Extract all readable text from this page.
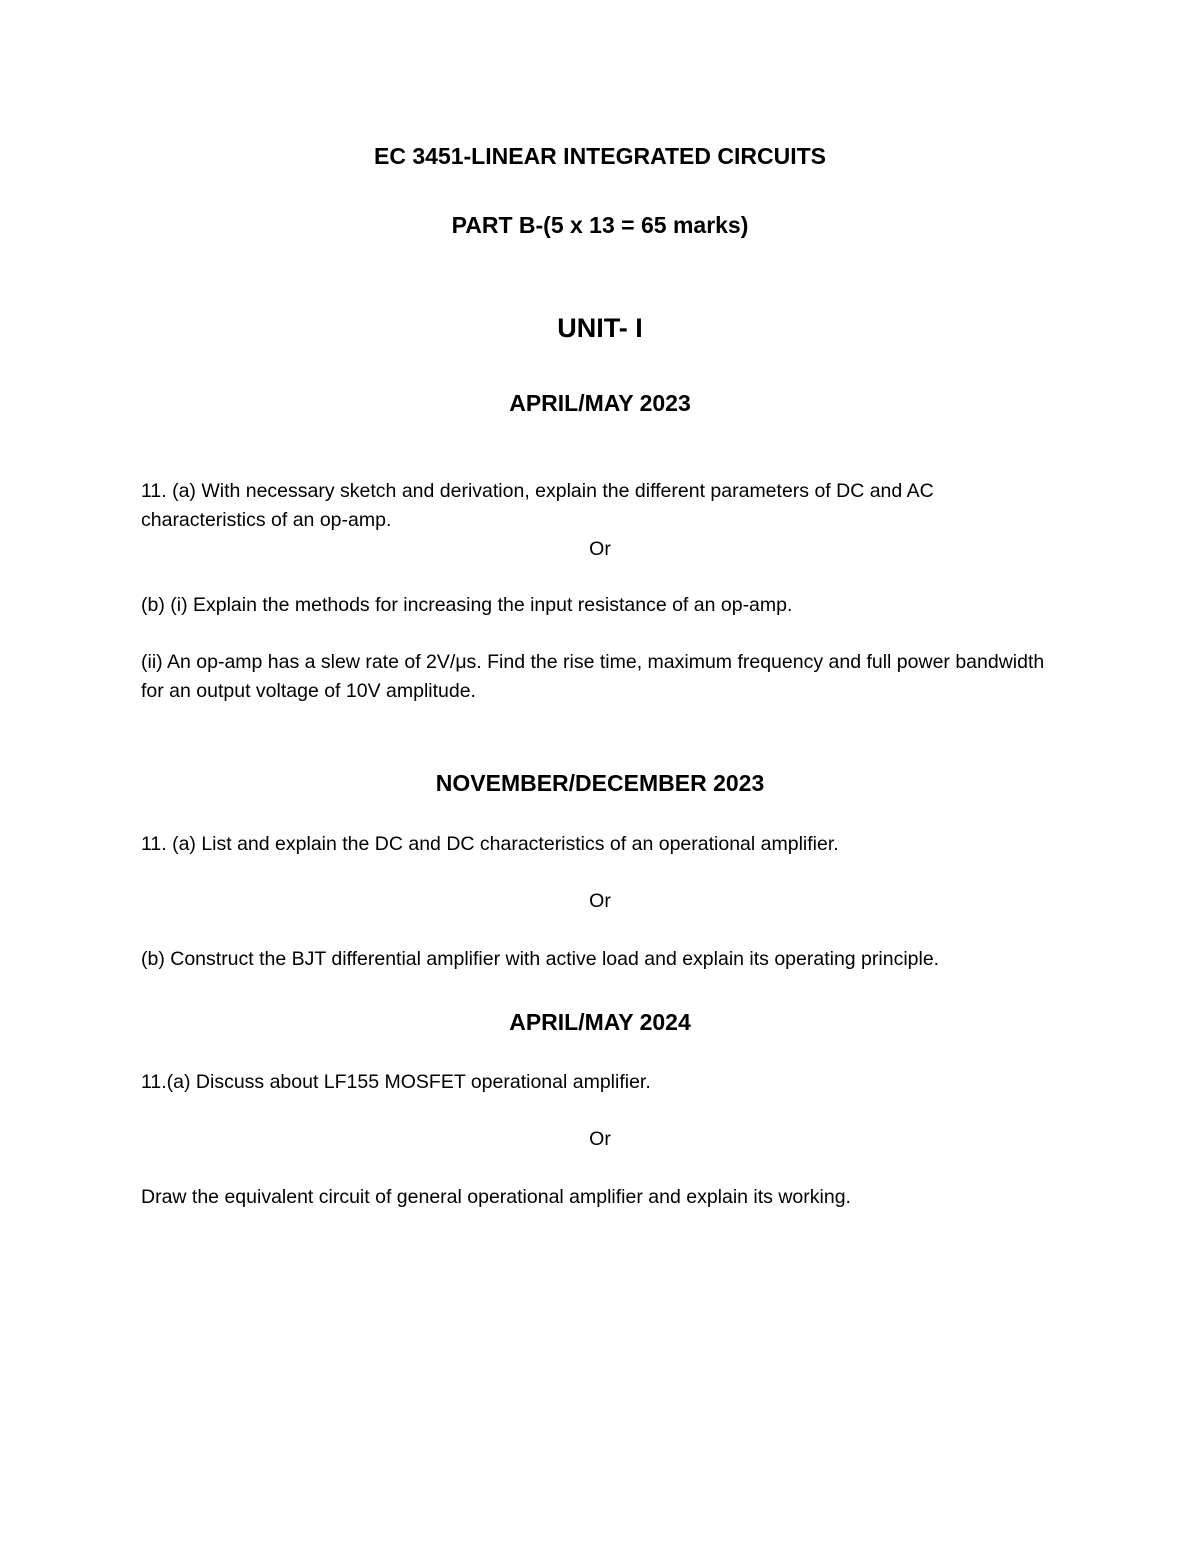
EC 3451-LINEAR INTEGRATED CIRCUITS
PART B-(5 x 13 = 65 marks)
UNIT- I
APRIL/MAY 2023

11. (a) With necessary sketch and derivation, explain the different parameters of DC and AC characteristics of an op-amp.

Or

(b) (i) Explain the methods for increasing the input resistance of an op-amp.

(ii) An op-amp has a slew rate of 2V/μs. Find the rise time, maximum frequency and full power bandwidth for an output voltage of 10V amplitude.

NOVEMBER/DECEMBER 2023

11. (a) List and explain the DC and DC characteristics of an operational amplifier.

Or

(b) Construct the BJT differential amplifier with active load and explain its operating principle.

APRIL/MAY 2024

11.(a) Discuss about LF155 MOSFET operational amplifier.

Or

Draw the equivalent circuit of general operational amplifier and explain its working.
